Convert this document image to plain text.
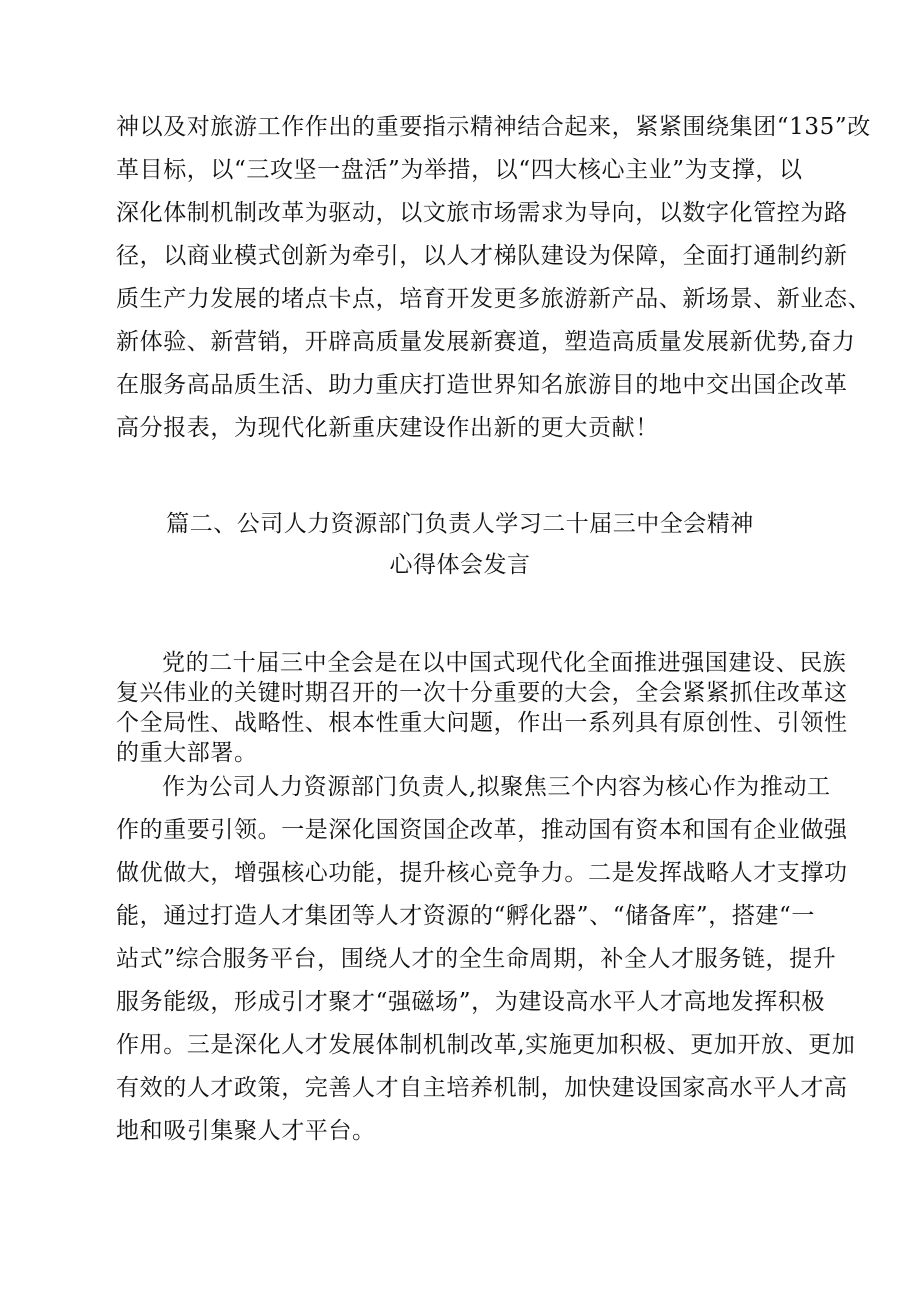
神以及对旅游工作作出的重要指示精神结合起来，紧紧围绕集团“135”改
革目标，以“三攻坚一盘活”为举措，以“四大核心主业”为支撑，以
深化体制机制改革为驱动，以文旅市场需求为导向，以数字化管控为路
径，以商业模式创新为牵引，以人才梯队建设为保障，全面打通制约新
质生产力发展的堵点卡点，培育开发更多旅游新产品、新场景、新业态、
新体验、新营销，开辟高质量发展新赛道，塑造高质量发展新优势,奋力
在服务高品质生活、助力重庆打造世界知名旅游目的地中交出国企改革
高分报表，为现代化新重庆建设作出新的更大贡献！
篇二、公司人力资源部门负责人学习二十届三中全会精神
心得体会发言
党的二十届三中全会是在以中国式现代化全面推进强国建设、民族
复兴伟业的关键时期召开的一次十分重要的大会，全会紧紧抓住改革这
个全局性、战略性、根本性重大问题，作出一系列具有原创性、引领性
的重大部署。
作为公司人力资源部门负责人,拟聚焦三个内容为核心作为推动工
作的重要引领。一是深化国资国企改革，推动国有资本和国有企业做强
做优做大，增强核心功能，提升核心竞争力。二是发挥战略人才支撑功
能，通过打造人才集团等人才资源的“孵化器”、“储备库”，搭建“一
站式”综合服务平台，围绕人才的全生命周期，补全人才服务链，提升
服务能级，形成引才聚才“强磁场”，为建设高水平人才高地发挥积极
作用。三是深化人才发展体制机制改革,实施更加积极、更加开放、更加
有效的人才政策，完善人才自主培养机制，加快建设国家高水平人才高
地和吸引集聚人才平台。
